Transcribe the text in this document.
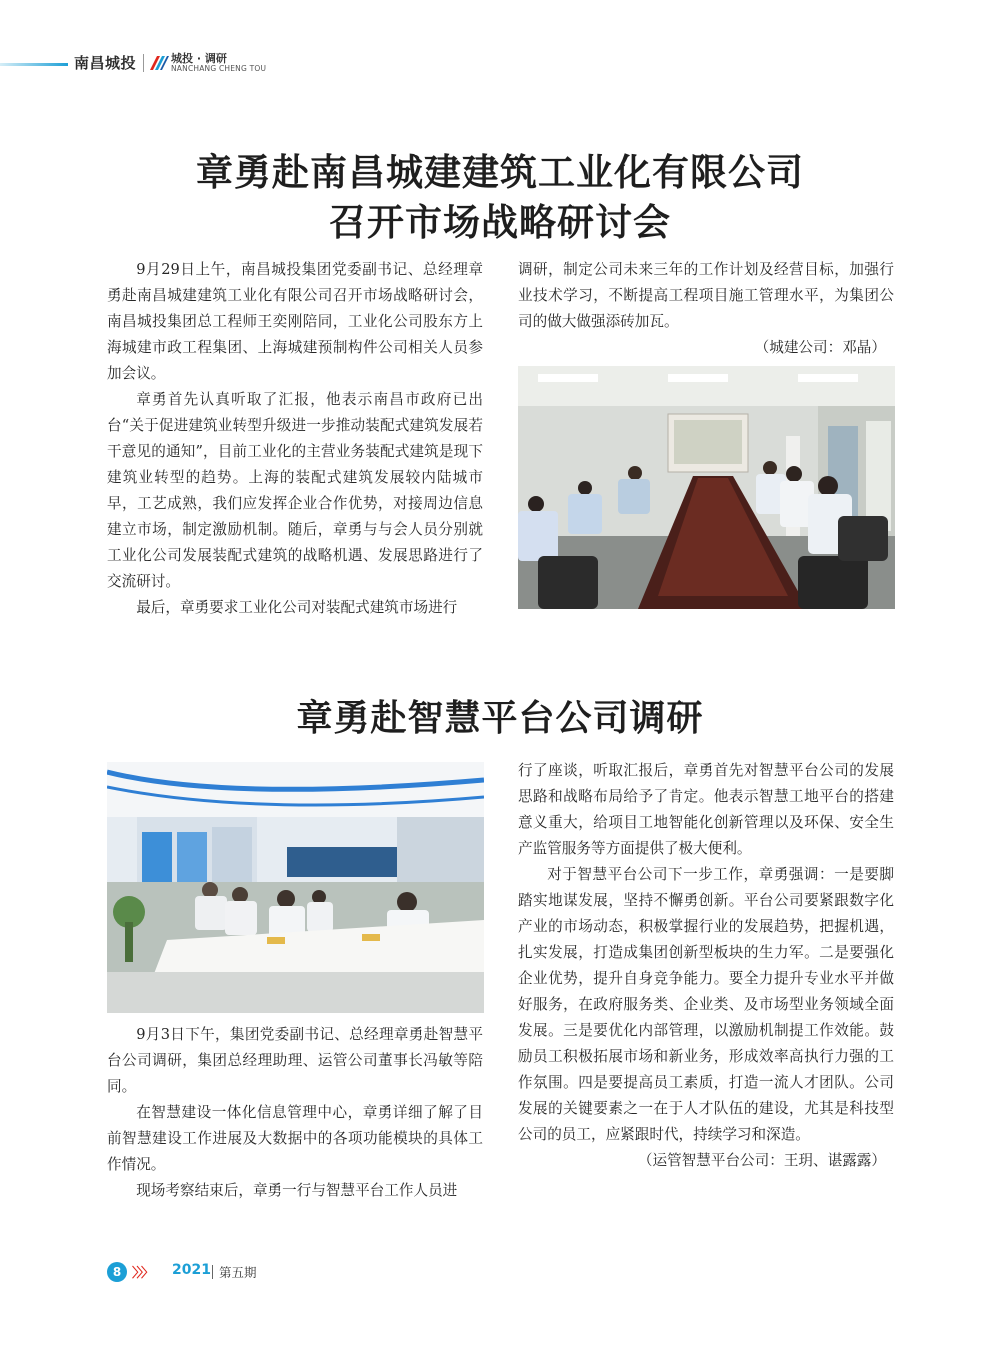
南昌城投	城投 · 调研
NANCHANG CHENG TOU
章勇赴南昌城建建筑工业化有限公司
召开市场战略研讨会

9月29日上午，南昌城投集团党委副书记、总经理章勇赴南昌城建建筑工业化有限公司召开市场战略研讨会，南昌城投集团总工程师王奕刚陪同，工业化公司股东方上海城建市政工程集团、上海城建预制构件公司相关人员参加会议。

章勇首先认真听取了汇报，他表示南昌市政府已出台“关于促进建筑业转型升级进一步推动装配式建筑发展若干意见的通知”，目前工业化的主营业务装配式建筑是现下建筑业转型的趋势。上海的装配式建筑发展较内陆城市早，工艺成熟，我们应发挥企业合作优势，对接周边信息建立市场，制定激励机制。随后，章勇与与会人员分别就工业化公司发展装配式建筑的战略机遇、发展思路进行了交流研讨。

最后，章勇要求工业化公司对装配式建筑市场进行

调研，制定公司未来三年的工作计划及经营目标，加强行业技术学习，不断提高工程项目施工管理水平，为集团公司的做大做强添砖加瓦。

（城建公司：邓晶）

章勇赴智慧平台公司调研

9月3日下午，集团党委副书记、总经理章勇赴智慧平台公司调研，集团总经理助理、运管公司董事长冯敏等陪同。

在智慧建设一体化信息管理中心，章勇详细了解了目前智慧建设工作进展及大数据中的各项功能模块的具体工作情况。

现场考察结束后，章勇一行与智慧平台工作人员进

行了座谈，听取汇报后，章勇首先对智慧平台公司的发展思路和战略布局给予了肯定。他表示智慧工地平台的搭建意义重大，给项目工地智能化创新管理以及环保、安全生产监管服务等方面提供了极大便利。

对于智慧平台公司下一步工作，章勇强调：一是要脚踏实地谋发展，坚持不懈勇创新。平台公司要紧跟数字化产业的市场动态，积极掌握行业的发展趋势，把握机遇，扎实发展，打造成集团创新型板块的生力军。二是要强化企业优势，提升自身竞争能力。要全力提升专业水平并做好服务，在政府服务类、企业类、及市场型业务领域全面发展。三是要优化内部管理，以激励机制提工作效能。鼓励员工积极拓展市场和新业务，形成效率高执行力强的工作氛围。四是要提高员工素质，打造一流人才团队。公司发展的关键要素之一在于人才队伍的建设，尤其是科技型公司的员工，应紧跟时代，持续学习和深造。

（运管智慧平台公司：王玥、谌露露）

8 〉〉〉 2021 第五期
